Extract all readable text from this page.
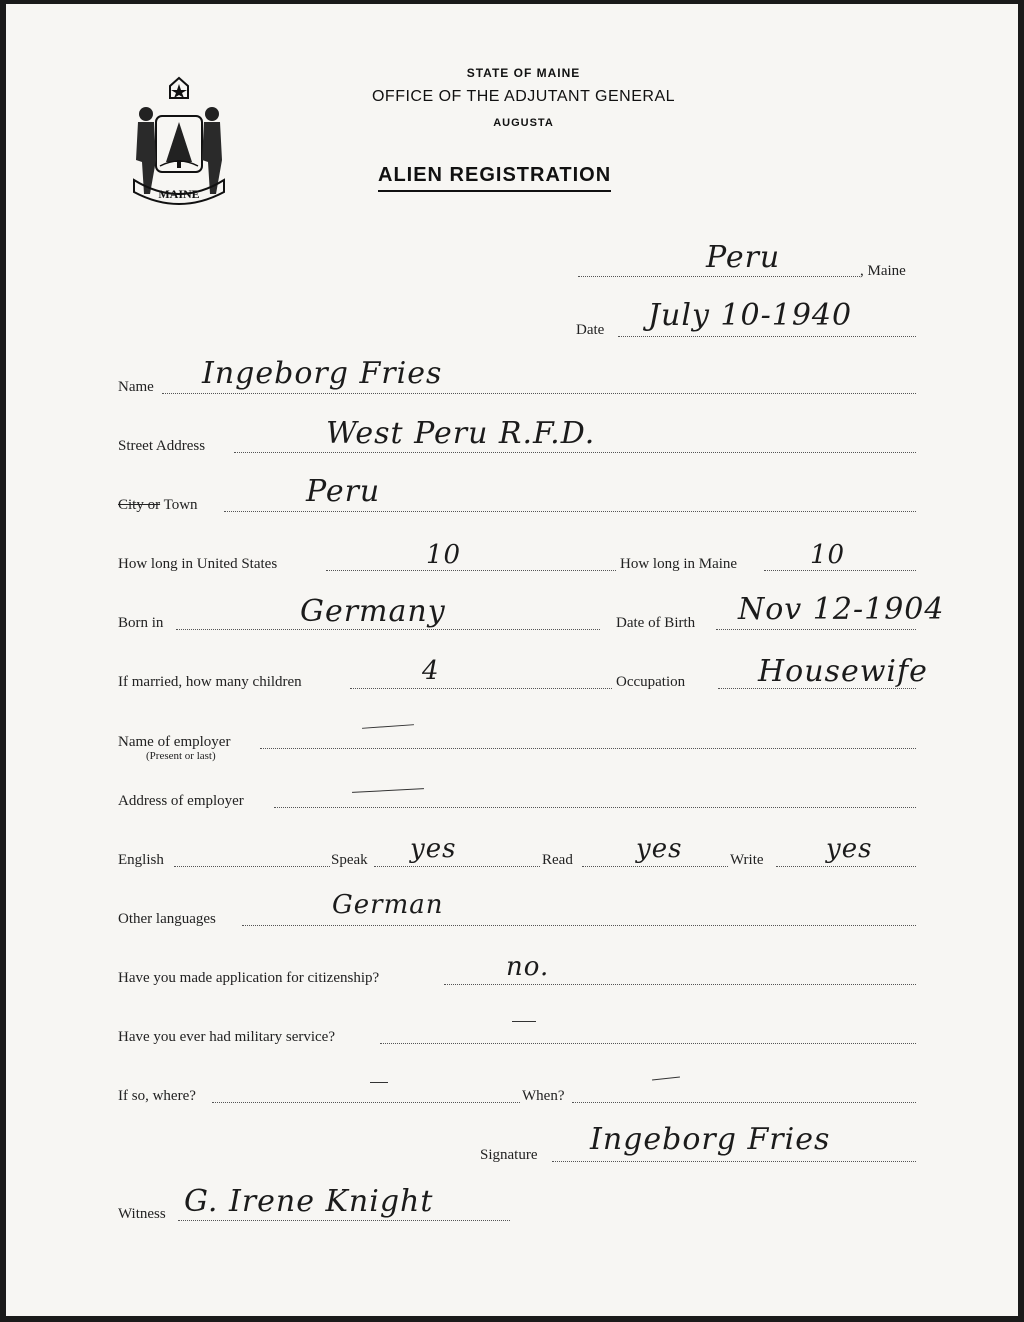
MAINE
STATE OF MAINE
OFFICE OF THE ADJUTANT GENERAL
AUGUSTA
ALIEN REGISTRATION
Peru	, Maine
Date July 10-1940
Name Ingeborg Fries
Street Address	West Peru R.F.D.
City or Town	Peru
How long in United States	10	How long in Maine	10
Born in	Germany	Date of Birth Nov 12-1904
If married, how many children	4	Occupation Housewife
Name of employer
(Present or last)
Address of employer
English	Speak yes	Read yes	Write yes
Other languages	German
Have you made application for citizenship?	no.
Have you ever had military service?
If so, where?	When?
Signature Ingeborg Fries
Witness G. Irene Knight
